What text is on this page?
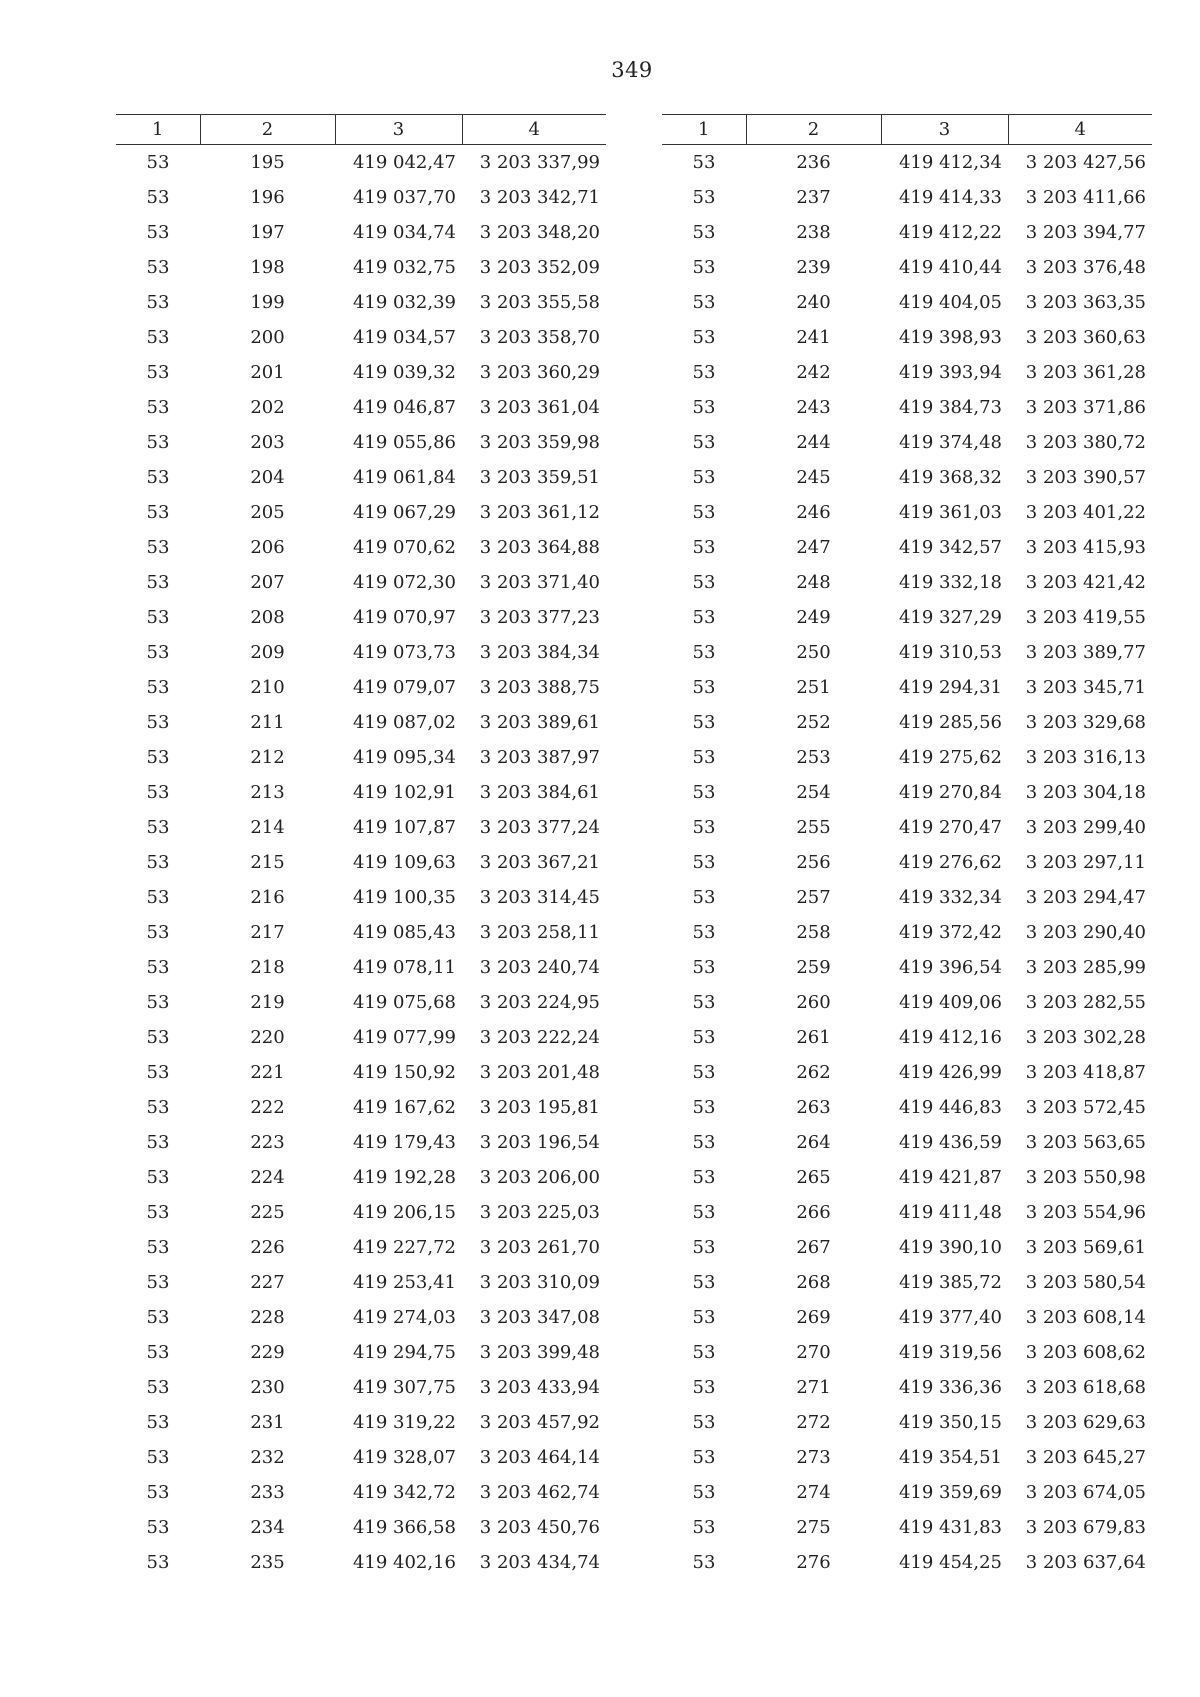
349
1	2	3	4
53	195	419 042,47	3 203 337,99
53	196	419 037,70	3 203 342,71
53	197	419 034,74	3 203 348,20
53	198	419 032,75	3 203 352,09
53	199	419 032,39	3 203 355,58
53	200	419 034,57	3 203 358,70
53	201	419 039,32	3 203 360,29
53	202	419 046,87	3 203 361,04
53	203	419 055,86	3 203 359,98
53	204	419 061,84	3 203 359,51
53	205	419 067,29	3 203 361,12
53	206	419 070,62	3 203 364,88
53	207	419 072,30	3 203 371,40
53	208	419 070,97	3 203 377,23
53	209	419 073,73	3 203 384,34
53	210	419 079,07	3 203 388,75
53	211	419 087,02	3 203 389,61
53	212	419 095,34	3 203 387,97
53	213	419 102,91	3 203 384,61
53	214	419 107,87	3 203 377,24
53	215	419 109,63	3 203 367,21
53	216	419 100,35	3 203 314,45
53	217	419 085,43	3 203 258,11
53	218	419 078,11	3 203 240,74
53	219	419 075,68	3 203 224,95
53	220	419 077,99	3 203 222,24
53	221	419 150,92	3 203 201,48
53	222	419 167,62	3 203 195,81
53	223	419 179,43	3 203 196,54
53	224	419 192,28	3 203 206,00
53	225	419 206,15	3 203 225,03
53	226	419 227,72	3 203 261,70
53	227	419 253,41	3 203 310,09
53	228	419 274,03	3 203 347,08
53	229	419 294,75	3 203 399,48
53	230	419 307,75	3 203 433,94
53	231	419 319,22	3 203 457,92
53	232	419 328,07	3 203 464,14
53	233	419 342,72	3 203 462,74
53	234	419 366,58	3 203 450,76
53	235	419 402,16	3 203 434,74
1	2	3	4
53	236	419 412,34	3 203 427,56
53	237	419 414,33	3 203 411,66
53	238	419 412,22	3 203 394,77
53	239	419 410,44	3 203 376,48
53	240	419 404,05	3 203 363,35
53	241	419 398,93	3 203 360,63
53	242	419 393,94	3 203 361,28
53	243	419 384,73	3 203 371,86
53	244	419 374,48	3 203 380,72
53	245	419 368,32	3 203 390,57
53	246	419 361,03	3 203 401,22
53	247	419 342,57	3 203 415,93
53	248	419 332,18	3 203 421,42
53	249	419 327,29	3 203 419,55
53	250	419 310,53	3 203 389,77
53	251	419 294,31	3 203 345,71
53	252	419 285,56	3 203 329,68
53	253	419 275,62	3 203 316,13
53	254	419 270,84	3 203 304,18
53	255	419 270,47	3 203 299,40
53	256	419 276,62	3 203 297,11
53	257	419 332,34	3 203 294,47
53	258	419 372,42	3 203 290,40
53	259	419 396,54	3 203 285,99
53	260	419 409,06	3 203 282,55
53	261	419 412,16	3 203 302,28
53	262	419 426,99	3 203 418,87
53	263	419 446,83	3 203 572,45
53	264	419 436,59	3 203 563,65
53	265	419 421,87	3 203 550,98
53	266	419 411,48	3 203 554,96
53	267	419 390,10	3 203 569,61
53	268	419 385,72	3 203 580,54
53	269	419 377,40	3 203 608,14
53	270	419 319,56	3 203 608,62
53	271	419 336,36	3 203 618,68
53	272	419 350,15	3 203 629,63
53	273	419 354,51	3 203 645,27
53	274	419 359,69	3 203 674,05
53	275	419 431,83	3 203 679,83
53	276	419 454,25	3 203 637,64
